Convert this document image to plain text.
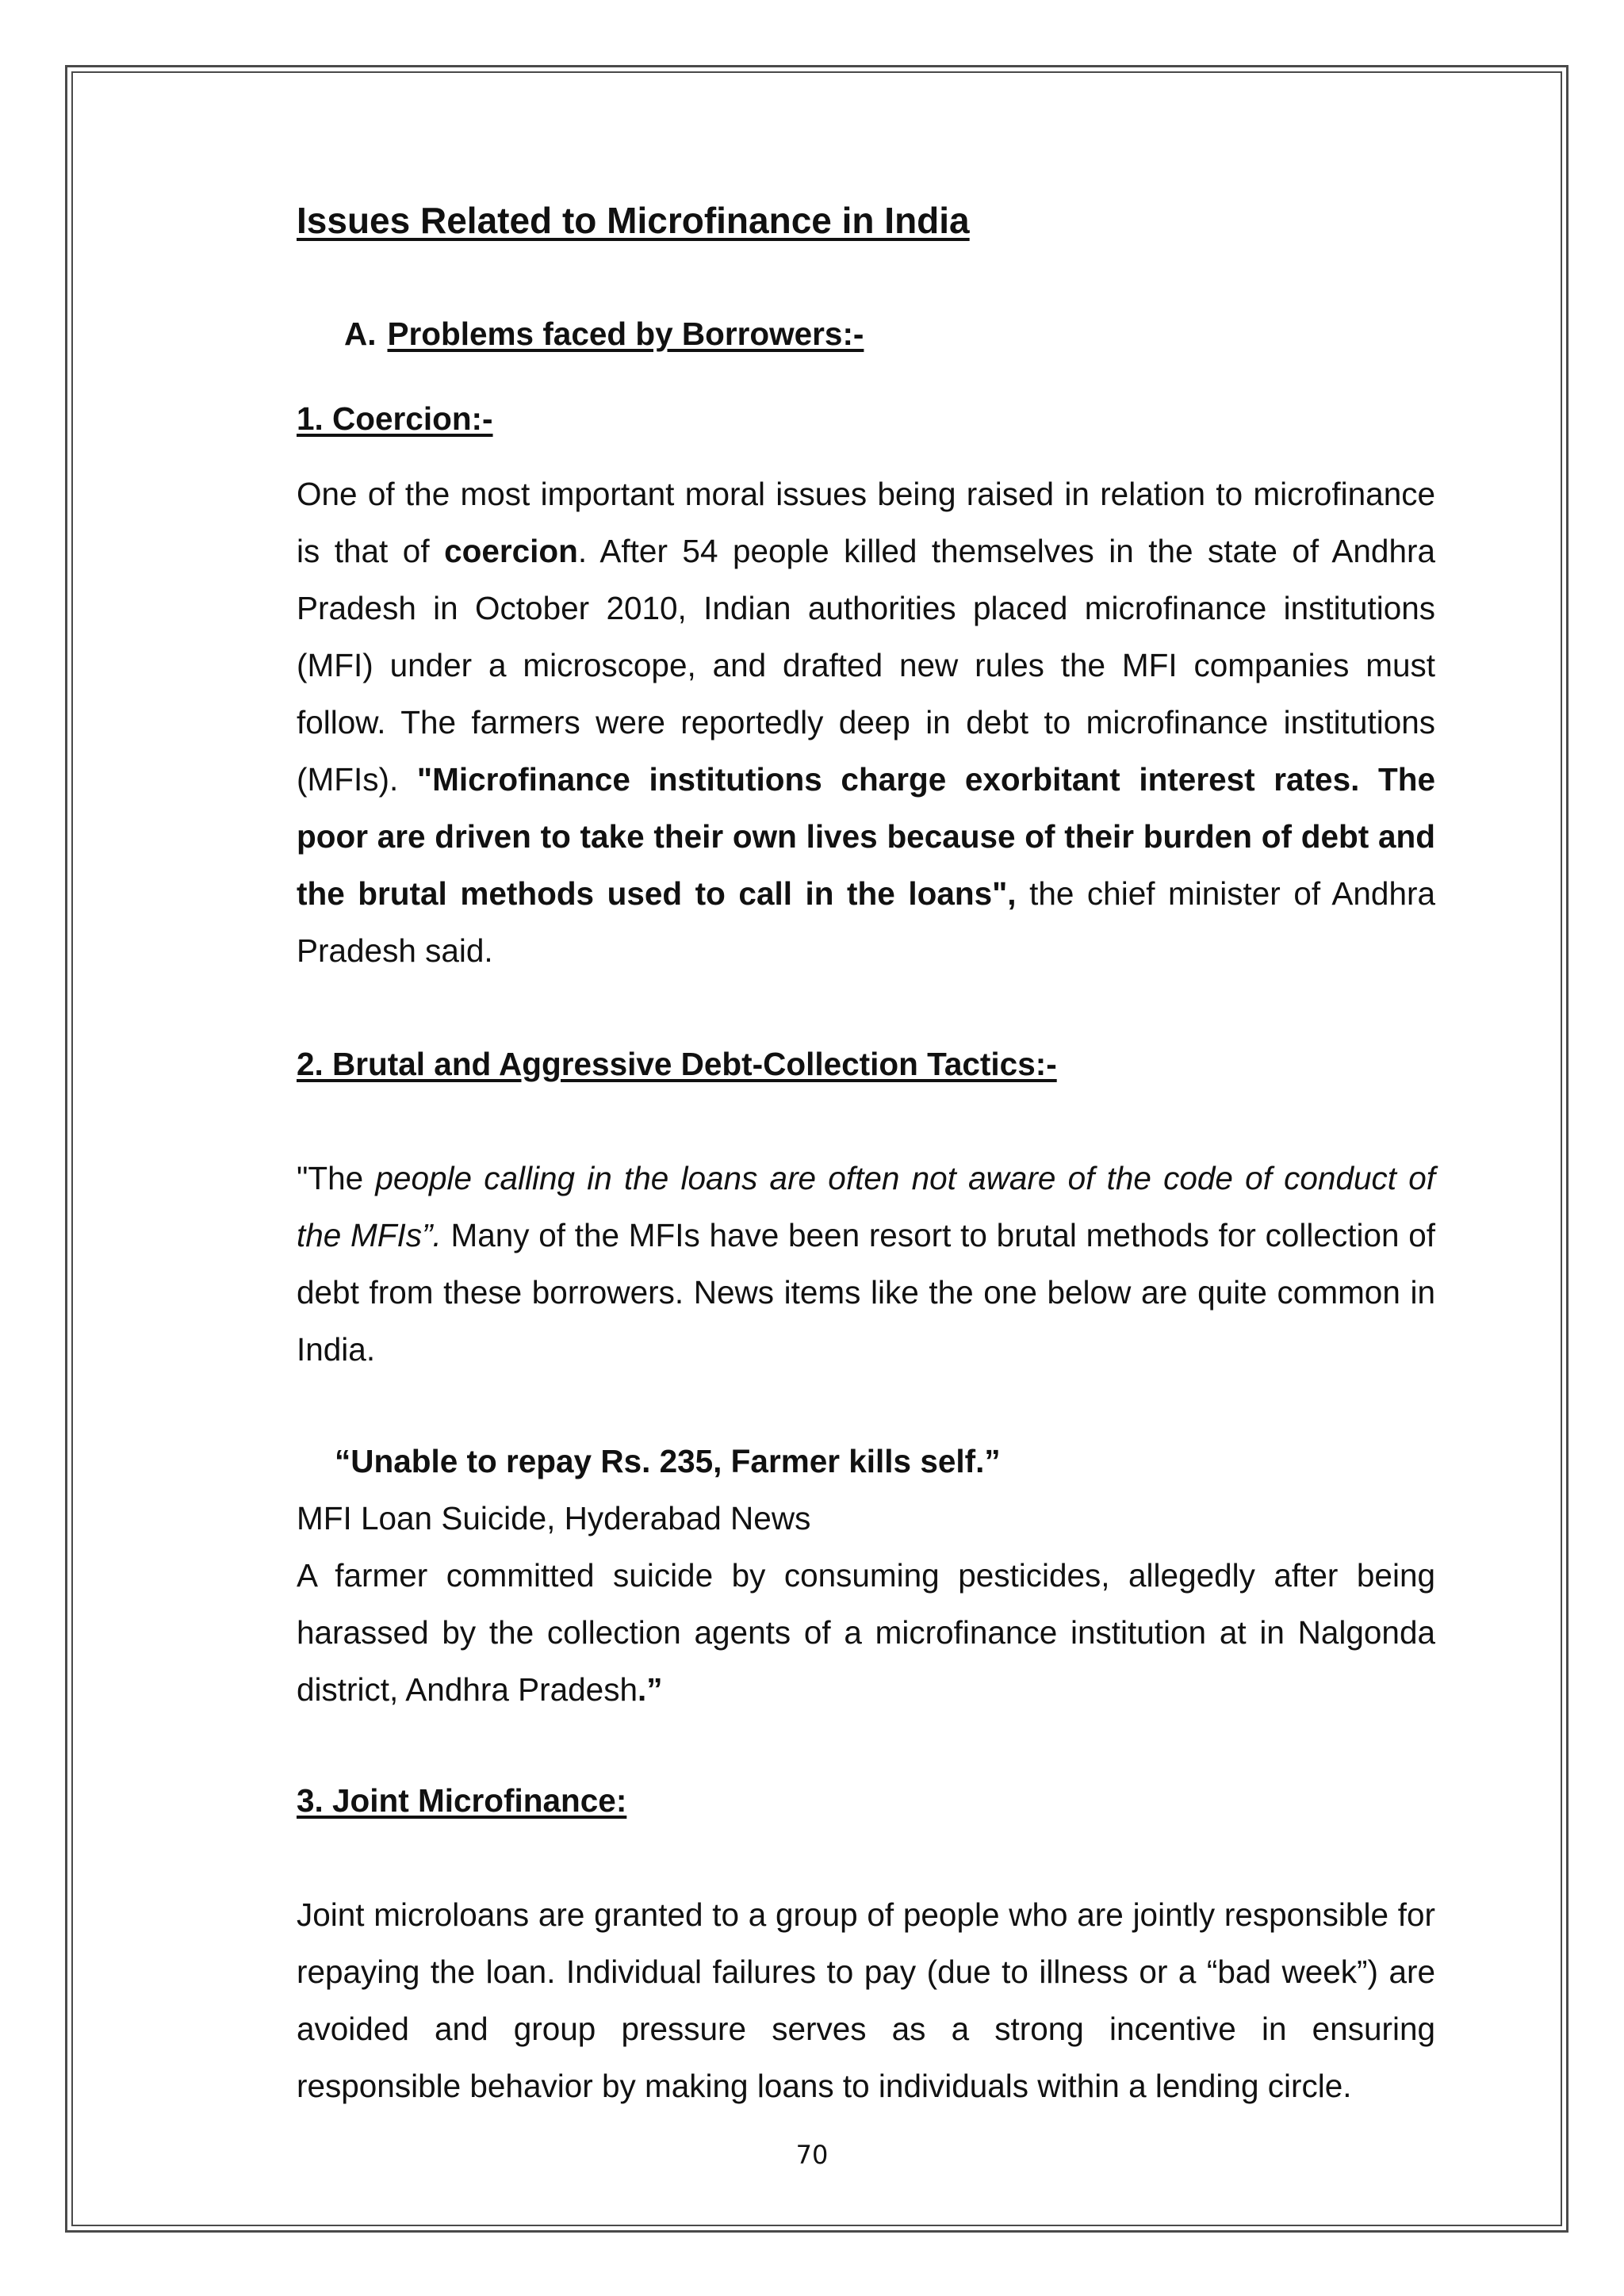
Issues Related to Microfinance in India
A. Problems faced by Borrowers:-
1. Coercion:-
One of the most important moral issues being raised in relation to microfinance is that of coercion. After 54 people killed themselves in the state of Andhra Pradesh in October 2010, Indian authorities placed microfinance institutions (MFI) under a microscope, and drafted new rules the MFI companies must follow. The farmers were reportedly deep in debt to microfinance institutions (MFIs). "Microfinance institutions charge exorbitant interest rates. The poor are driven to take their own lives because of their burden of debt and the brutal methods used to call in the loans", the chief minister of Andhra Pradesh said.
2. Brutal and Aggressive Debt-Collection Tactics:-
"The people calling in the loans are often not aware of the code of conduct of the MFIs”. Many of the MFIs have been resort to brutal methods for collection of debt from these borrowers. News items like the one below are quite common in India.
“Unable to repay Rs. 235, Farmer kills self.”
MFI Loan Suicide, Hyderabad News
A farmer committed suicide by consuming pesticides, allegedly after being harassed by the collection agents of a microfinance institution at in Nalgonda district, Andhra Pradesh.”
3. Joint Microfinance:
Joint microloans are granted to a group of people who are jointly responsible for repaying the loan. Individual failures to pay (due to illness or a “bad week”) are avoided and group pressure serves as a strong incentive in ensuring responsible behavior by making loans to individuals within a lending circle.
70
